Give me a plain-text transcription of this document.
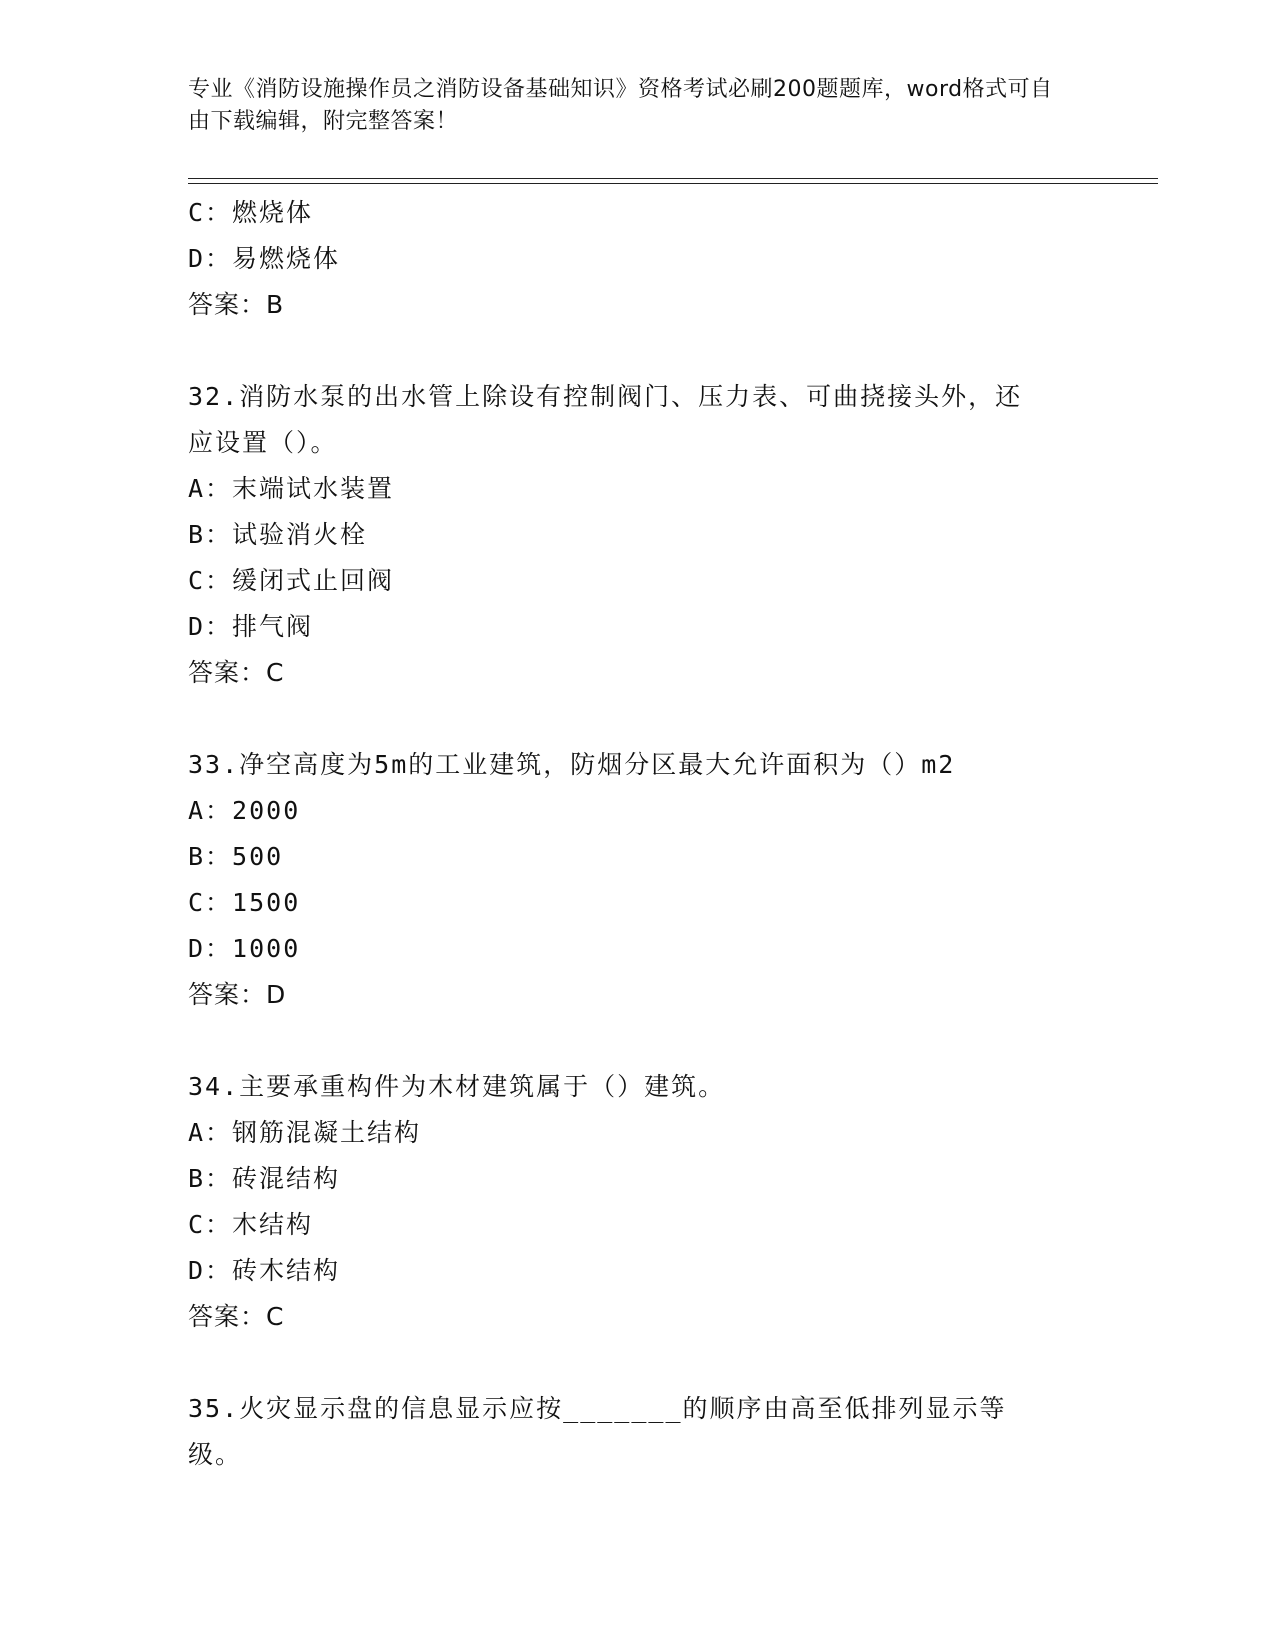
专业《消防设施操作员之消防设备基础知识》资格考试必刷200题题库，word格式可自由下载编辑，附完整答案！
C：燃烧体
D：易燃烧体
答案：B
32.消防水泵的出水管上除设有控制阀门、压力表、可曲挠接头外，还应设置（）。
A：末端试水装置
B：试验消火栓
C：缓闭式止回阀
D：排气阀
答案：C
33.净空高度为5m的工业建筑，防烟分区最大允许面积为（）m2
A：2000
B：500
C：1500
D：1000
答案：D
34.主要承重构件为木材建筑属于（）建筑。
A：钢筋混凝土结构
B：砖混结构
C：木结构
D：砖木结构
答案：C
35.火灾显示盘的信息显示应按_______的顺序由高至低排列显示等级。
